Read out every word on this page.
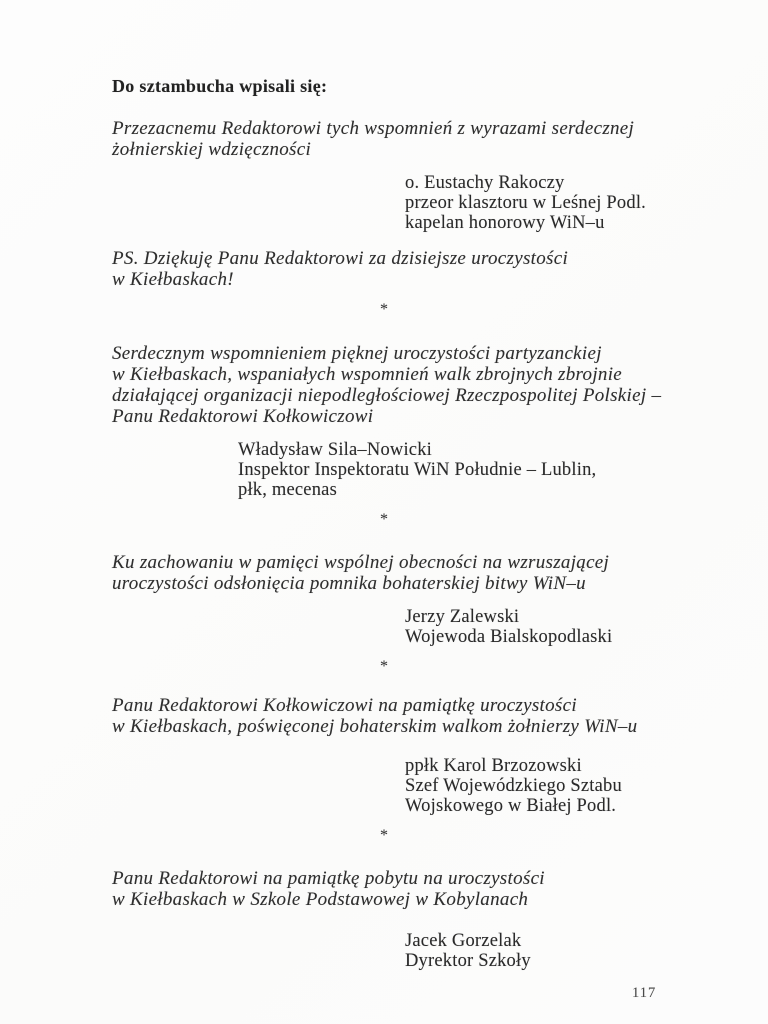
Do sztambucha wpisali się:
Przezacnemu Redaktorowi tych wspomnień z wyrazami serdecznej
żołnierskiej wdzięczności
o. Eustachy Rakoczy
przeor klasztoru w Leśnej Podl.
kapelan honorowy WiN–u
PS. Dziękuję Panu Redaktorowi za dzisiejsze uroczystości
w Kiełbaskach!
*
Serdecznym wspomnieniem pięknej uroczystości partyzanckiej
w Kiełbaskach, wspaniałych wspomnień walk zbrojnych zbrojnie
działającej organizacji niepodległościowej Rzeczpospolitej Polskiej –
Panu Redaktorowi Kołkowiczowi
Władysław Sila–Nowicki
Inspektor Inspektoratu WiN Południe – Lublin,
płk, mecenas
*
Ku zachowaniu w pamięci wspólnej obecności na wzruszającej
uroczystości odsłonięcia pomnika bohaterskiej bitwy WiN–u
Jerzy Zalewski
Wojewoda Bialskopodlaski
*
Panu Redaktorowi Kołkowiczowi na pamiątkę uroczystości
w Kiełbaskach, poświęconej bohaterskim walkom żołnierzy WiN–u
ppłk Karol Brzozowski
Szef Wojewódzkiego Sztabu
Wojskowego w Białej Podl.
*
Panu Redaktorowi na pamiątkę pobytu na uroczystości
w Kiełbaskach w Szkole Podstawowej w Kobylanach
Jacek Gorzelak
Dyrektor Szkoły
117
